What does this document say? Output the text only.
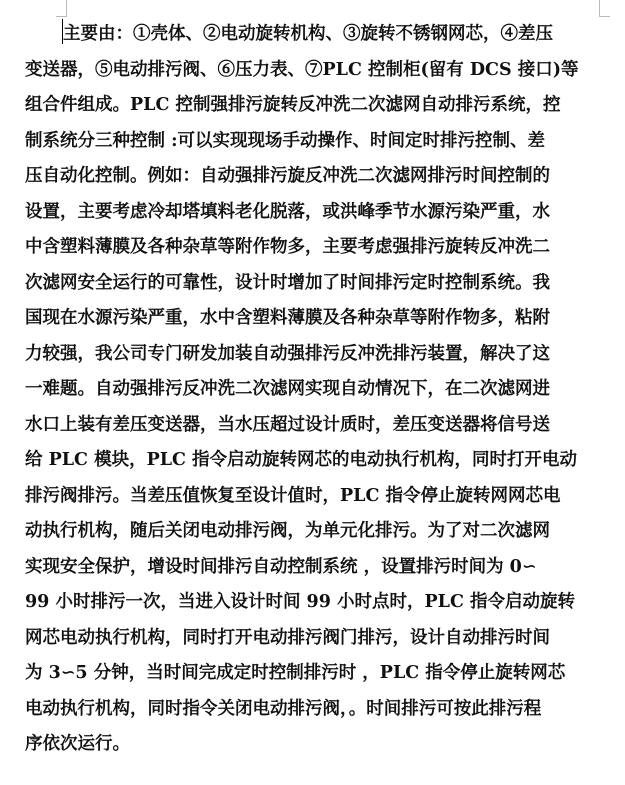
主要由：①壳体、②电动旋转机构、③旋转不锈钢网芯，④差压
变送器，⑤电动排污阀、⑥压力表、⑦PLC 控制柜(留有 DCS 接口)等
组合件组成。PLC 控制强排污旋转反冲洗二次滤网自动排污系统，控
制系统分三种控制 :可以实现现场手动操作、时间定时排污控制、差
压自动化控制。例如：自动强排污旋反冲洗二次滤网排污时间控制的
设置，主要考虑冷却塔填料老化脱落，或洪峰季节水源污染严重，水
中含塑料薄膜及各种杂草等附作物多，主要考虑强排污旋转反冲洗二
次滤网安全运行的可靠性，设计时增加了时间排污定时控制系统。我
国现在水源污染严重，水中含塑料薄膜及各种杂草等附作物多，粘附
力较强，我公司专门研发加装自动强排污反冲洗排污装置，解决了这
一难题。自动强排污反冲洗二次滤网实现自动情况下，在二次滤网进
水口上装有差压变送器，当水压超过设计质时，差压变送器将信号送
给 PLC 模块，PLC 指令启动旋转网芯的电动执行机构，同时打开电动
排污阀排污。当差压值恢复至设计值时，PLC 指令停止旋转网网芯电
动执行机构，随后关闭电动排污阀，为单元化排污。为了对二次滤网
实现安全保护，增设时间排污自动控制系统 ，设置排污时间为 0∽
99 小时排污一次，当进入设计时间 99 小时点时，PLC 指令启动旋转
网芯电动执行机构，同时打开电动排污阀门排污，设计自动排污时间
为 3∽5 分钟，当时间完成定时控制排污时 ，PLC 指令停止旋转网芯
电动执行机构，同时指令关闭电动排污阀，。时间排污可按此排污程
序依次运行。
